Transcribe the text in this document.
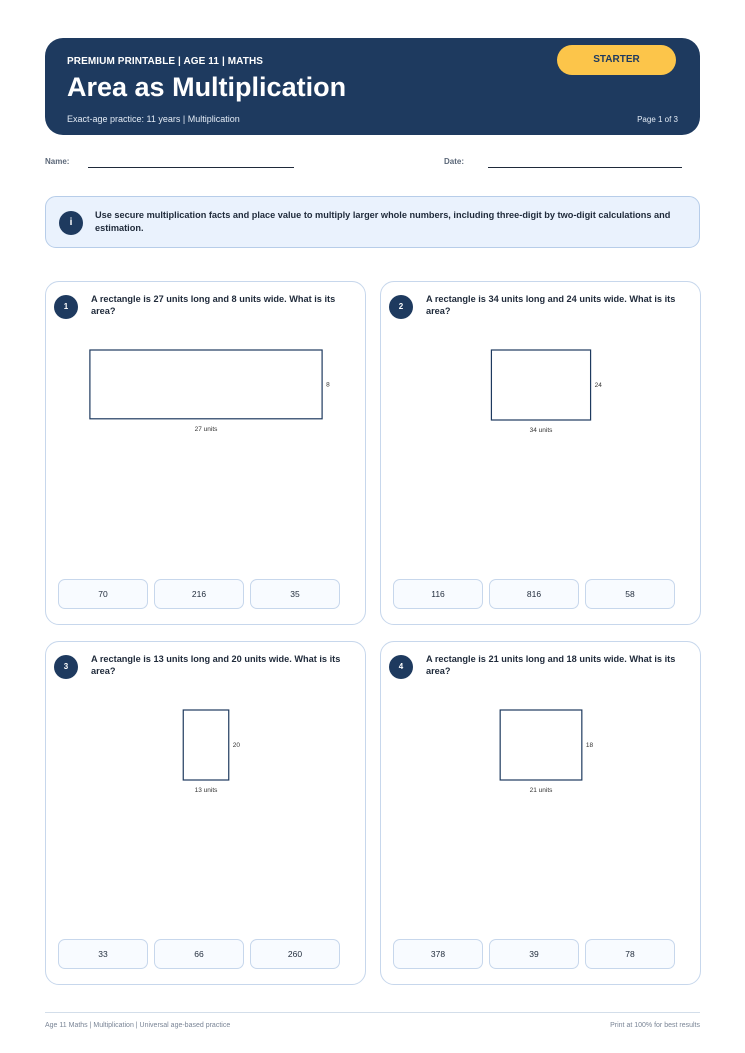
PREMIUM PRINTABLE | AGE 11 | MATHS
Area as Multiplication
Exact-age practice: 11 years | Multiplication	Page 1 of 3
STARTER
Name:	Date:
i
Use secure multiplication facts and place value to multiply larger whole numbers, including three-digit by two-digit calculations and estimation.
1
A rectangle is 27 units long and 8 units wide. What is its area?
27 units
8
70	216	35
2
A rectangle is 34 units long and 24 units wide. What is its area?
34 units
24
116	816	58
3
A rectangle is 13 units long and 20 units wide. What is its area?
13 units
20
33	66	260
4
A rectangle is 21 units long and 18 units wide. What is its area?
21 units
18
378	39	78
Age 11 Maths | Multiplication | Universal age-based practice	Print at 100% for best results
